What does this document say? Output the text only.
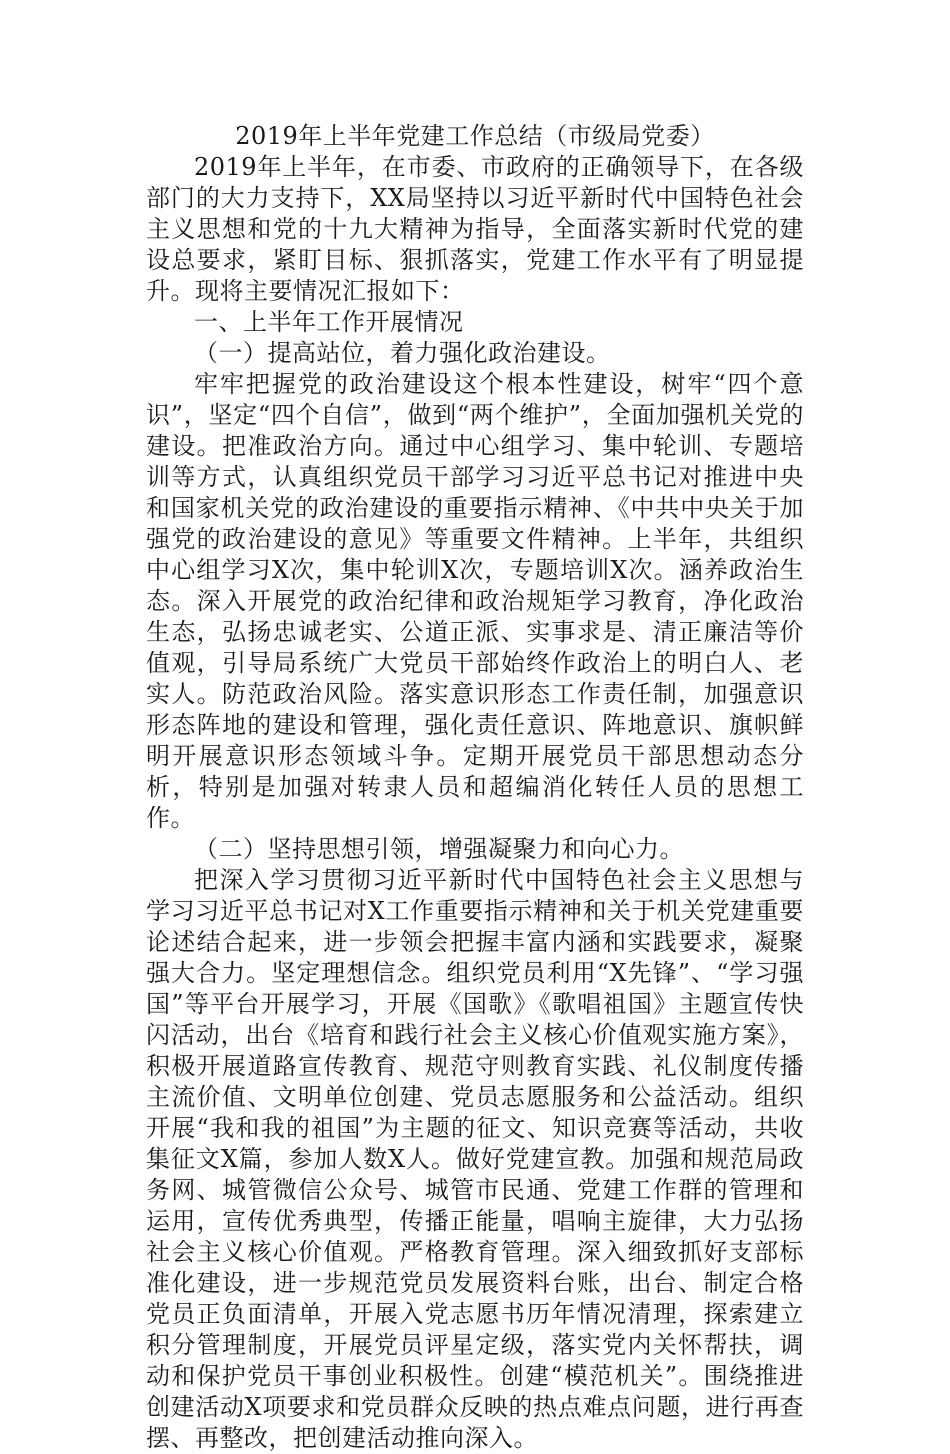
2019年上半年党建工作总结（市级局党委）

2019年上半年，在市委、市政府的正确领导下，在各级部门的大力支持下，XX局坚持以习近平新时代中国特色社会主义思想和党的十九大精神为指导，全面落实新时代党的建设总要求，紧盯目标、狠抓落实，党建工作水平有了明显提升。现将主要情况汇报如下：

一、上半年工作开展情况

（一）提高站位，着力强化政治建设。

牢牢把握党的政治建设这个根本性建设，树牢“四个意识”，坚定“四个自信”，做到“两个维护”，全面加强机关党的建设。把准政治方向。通过中心组学习、集中轮训、专题培训等方式，认真组织党员干部学习习近平总书记对推进中央和国家机关党的政治建设的重要指示精神、《中共中央关于加强党的政治建设的意见》等重要文件精神。上半年，共组织中心组学习X次，集中轮训X次，专题培训X次。涵养政治生态。深入开展党的政治纪律和政治规矩学习教育，净化政治生态，弘扬忠诚老实、公道正派、实事求是、清正廉洁等价值观，引导局系统广大党员干部始终作政治上的明白人、老实人。防范政治风险。落实意识形态工作责任制，加强意识形态阵地的建设和管理，强化责任意识、阵地意识、旗帜鲜明开展意识形态领域斗争。定期开展党员干部思想动态分析，特别是加强对转隶人员和超编消化转任人员的思想工作。

（二）坚持思想引领，增强凝聚力和向心力。

把深入学习贯彻习近平新时代中国特色社会主义思想与学习习近平总书记对X工作重要指示精神和关于机关党建重要论述结合起来，进一步领会把握丰富内涵和实践要求，凝聚强大合力。坚定理想信念。组织党员利用“X先锋”、“学习强国”等平台开展学习，开展《国歌》《歌唱祖国》主题宣传快闪活动，出台《培育和践行社会主义核心价值观实施方案》，积极开展道路宣传教育、规范守则教育实践、礼仪制度传播主流价值、文明单位创建、党员志愿服务和公益活动。组织开展“我和我的祖国”为主题的征文、知识竞赛等活动，共收集征文X篇，参加人数X人。做好党建宣教。加强和规范局政务网、城管微信公众号、城管市民通、党建工作群的管理和运用，宣传优秀典型，传播正能量，唱响主旋律，大力弘扬社会主义核心价值观。严格教育管理。深入细致抓好支部标准化建设，进一步规范党员发展资料台账，出台、制定合格党员正负面清单，开展入党志愿书历年情况清理，探索建立积分管理制度，开展党员评星定级，落实党内关怀帮扶，调动和保护党员干事创业积极性。创建“模范机关”。围绕推进创建活动X项要求和党员群众反映的热点难点问题，进行再查摆、再整改，把创建活动推向深入。
